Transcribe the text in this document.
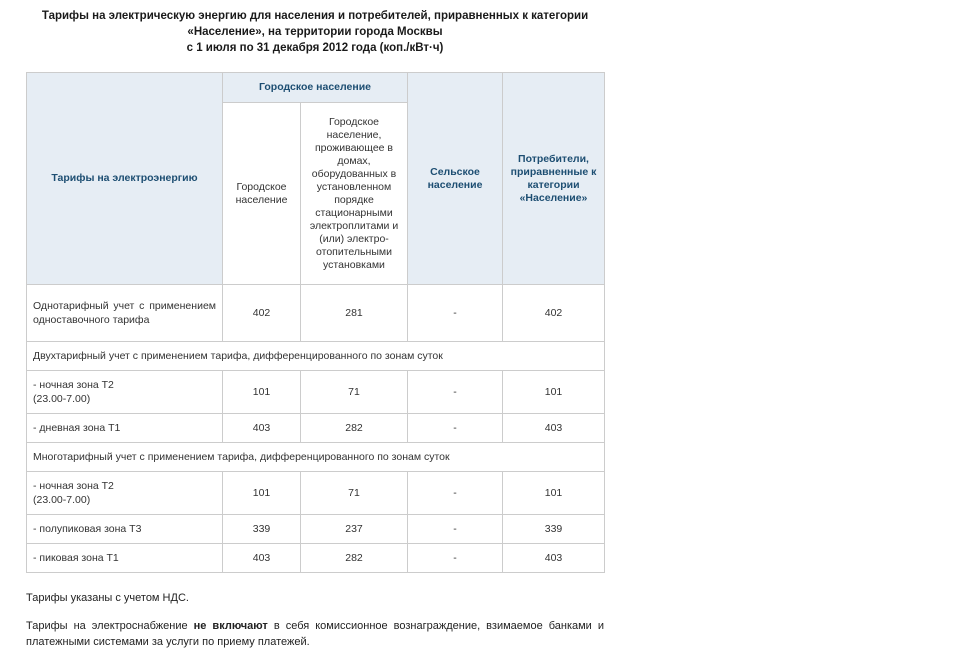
Тарифы на электрическую энергию для населения и потребителей, приравненных к категории
«Население», на территории города Москвы
с 1 июля по 31 декабря 2012 года (коп./кВт·ч)
Тарифы на электроэнергию	Городское население		Сельское население	Потребители, приравненные к категории «Население»
	Городское население	Городское население, проживающее в домах, оборудованных в установленном порядке стационарными электроплитами и (или) электро-отопительными установками		
Однотарифный учет с применением одноставочного тарифа	402	281	-	402
Двухтарифный учет с применением тарифа, дифференцированного по зонам суток				

- ночная зона Т2
(23.00-7.00)	101	71	-	101
- дневная зона Т1	403	282	-	403
Многотарифный учет с применением тарифа, дифференцированного по зонам суток				

- ночная зона Т2
(23.00-7.00)	101	71	-	101
- полупиковая зона Т3	339	237	-	339
- пиковая зона Т1	403	282	-	403
Тарифы указаны с учетом НДС.
Тарифы на электроснабжение не включают в себя комиссионное вознаграждение, взимаемое банками и платежными системами за услуги по приему платежей.
